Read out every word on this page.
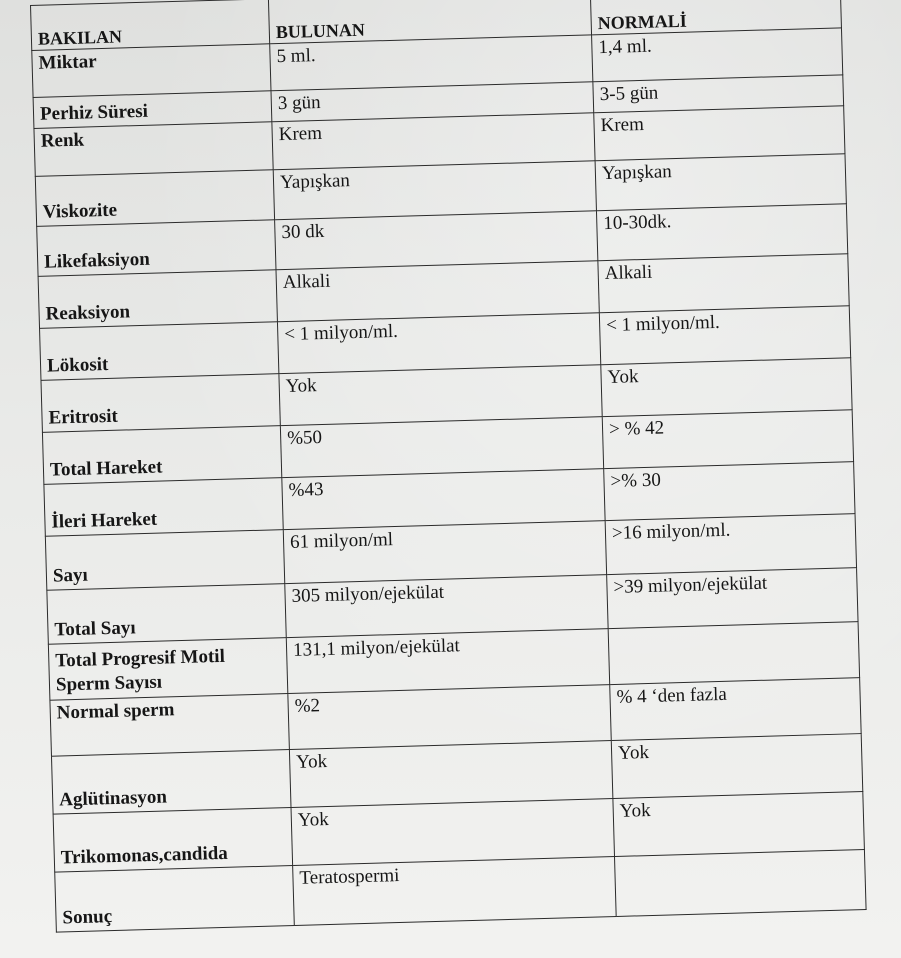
BAKILAN	BULUNAN	NORMALİ
Miktar	5 ml.	1,4 ml.
Perhiz Süresi	3 gün	3-5 gün
Renk	Krem	Krem
Viskozite	Yapışkan	Yapışkan
Likefaksiyon	30 dk	10-30dk.
Reaksiyon	Alkali	Alkali
Lökosit	< 1 milyon/ml.	< 1 milyon/ml.
Eritrosit	Yok	Yok
Total Hareket	%50	> % 42
İleri Hareket	%43	>% 30
Sayı	61 milyon/ml	>16 milyon/ml.
Total Sayı	305 milyon/ejekülat	>39 milyon/ejekülat
Total Progresif Motil Sperm Sayısı	131,1 milyon/ejekülat	
Normal sperm	%2	% 4 ‘den fazla
Aglütinasyon	Yok	Yok
Trikomonas,candida	Yok	Yok
Sonuç	Teratospermi	
